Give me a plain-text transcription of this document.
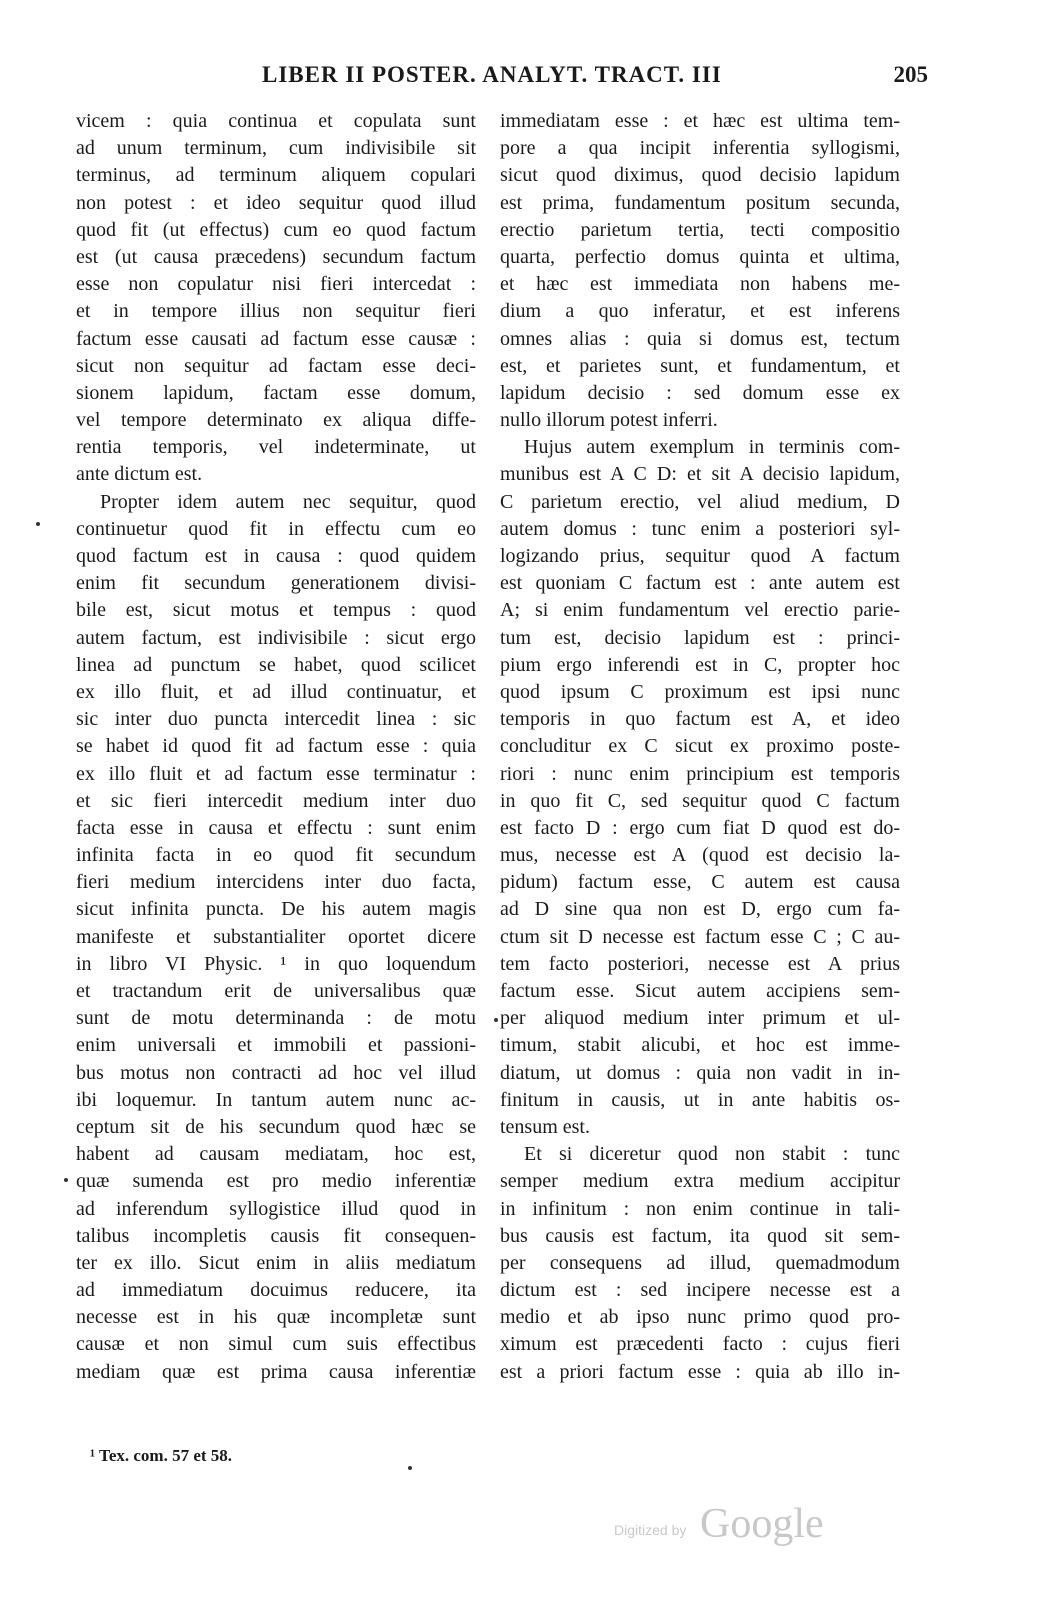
LIBER II POSTER. ANALYT. TRACT. III	205
vicem : quia continua et copulata sunt
ad unum terminum, cum indivisibile sit
terminus, ad terminum aliquem copulari
non potest : et ideo sequitur quod illud
quod fit (ut effectus) cum eo quod factum
est (ut causa præcedens) secundum factum
esse non copulatur nisi fieri intercedat :
et in tempore illius non sequitur fieri
factum esse causati ad factum esse causæ :
sicut non sequitur ad factam esse deci-
sionem lapidum, factam esse domum,
vel tempore determinato ex aliqua diffe-
rentia temporis, vel indeterminate, ut
ante dictum est.
Propter idem autem nec sequitur, quod
continuetur quod fit in effectu cum eo
quod factum est in causa : quod quidem
enim fit secundum generationem divisi-
bile est, sicut motus et tempus : quod
autem factum, est indivisibile : sicut ergo
linea ad punctum se habet, quod scilicet
ex illo fluit, et ad illud continuatur, et
sic inter duo puncta intercedit linea : sic
se habet id quod fit ad factum esse : quia
ex illo fluit et ad factum esse terminatur :
et sic fieri intercedit medium inter duo
facta esse in causa et effectu : sunt enim
infinita facta in eo quod fit secundum
fieri medium intercidens inter duo facta,
sicut infinita puncta. De his autem magis
manifeste et substantialiter oportet dicere
in libro VI Physic. ¹ in quo loquendum
et tractandum erit de universalibus quæ
sunt de motu determinanda : de motu
enim universali et immobili et passioni-
bus motus non contracti ad hoc vel illud
ibi loquemur. In tantum autem nunc ac-
ceptum sit de his secundum quod hæc se
habent ad causam mediatam, hoc est,
quæ sumenda est pro medio inferentiæ
ad inferendum syllogistice illud quod in
talibus incompletis causis fit consequen-
ter ex illo. Sicut enim in aliis mediatum
ad immediatum docuimus reducere, ita
necesse est in his quæ incompletæ sunt
causæ et non simul cum suis effectibus
mediam quæ est prima causa inferentiæ
immediatam esse : et hæc est ultima tem-
pore a qua incipit inferentia syllogismi,
sicut quod diximus, quod decisio lapidum
est prima, fundamentum positum secunda,
erectio parietum tertia, tecti compositio
quarta, perfectio domus quinta et ultima,
et hæc est immediata non habens me-
dium a quo inferatur, et est inferens
omnes alias : quia si domus est, tectum
est, et parietes sunt, et fundamentum, et
lapidum decisio : sed domum esse ex
nullo illorum potest inferri.
Hujus autem exemplum in terminis com-
munibus est A C D: et sit A decisio lapidum,
C parietum erectio, vel aliud medium, D
autem domus : tunc enim a posteriori syl-
logizando prius, sequitur quod A factum
est quoniam C factum est : ante autem est
A; si enim fundamentum vel erectio parie-
tum est, decisio lapidum est : princi-
pium ergo inferendi est in C, propter hoc
quod ipsum C proximum est ipsi nunc
temporis in quo factum est A, et ideo
concluditur ex C sicut ex proximo poste-
riori : nunc enim principium est temporis
in quo fit C, sed sequitur quod C factum
est facto D : ergo cum fiat D quod est do-
mus, necesse est A (quod est decisio la-
pidum) factum esse, C autem est causa
ad D sine qua non est D, ergo cum fa-
ctum sit D necesse est factum esse C ; C au-
tem facto posteriori, necesse est A prius
factum esse. Sicut autem accipiens sem-
per aliquod medium inter primum et ul-
timum, stabit alicubi, et hoc est imme-
diatum, ut domus : quia non vadit in in-
finitum in causis, ut in ante habitis os-
tensum est.
Et si diceretur quod non stabit : tunc
semper medium extra medium accipitur
in infinitum : non enim continue in tali-
bus causis est factum, ita quod sit sem-
per consequens ad illud, quemadmodum
dictum est : sed incipere necesse est a
medio et ab ipso nunc primo quod pro-
ximum est præcedenti facto : cujus fieri
est a priori factum esse : quia ab illo in-
¹ Tex. com. 57 et 58.
Digitized by Google
